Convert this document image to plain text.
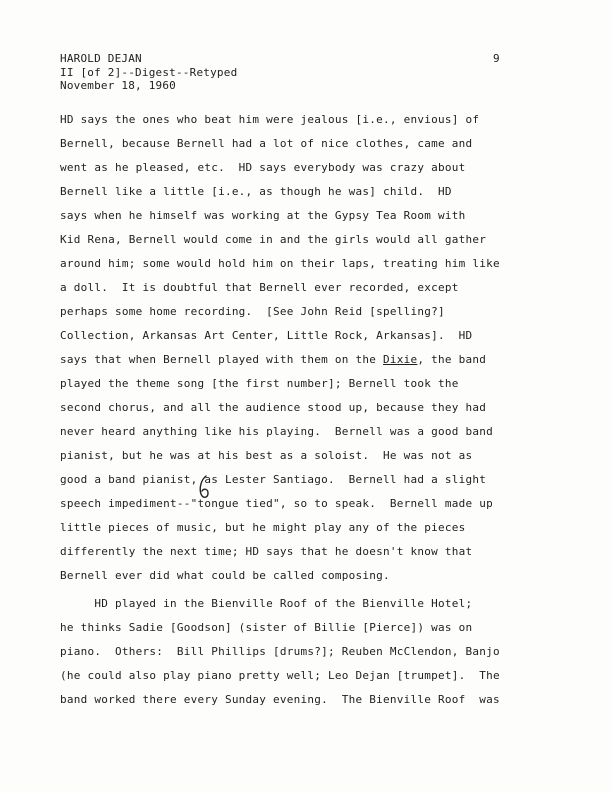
HAROLD DEJAN
II [of 2]--Digest--Retyped
November 18, 1960
9
HD says the ones who beat him were jealous [i.e., envious] of
Bernell, because Bernell had a lot of nice clothes, came and
went as he pleased, etc.  HD says everybody was crazy about
Bernell like a little [i.e., as though he was] child.  HD
says when he himself was working at the Gypsy Tea Room with
Kid Rena, Bernell would come in and the girls would all gather
around him; some would hold him on their laps, treating him like
a doll.  It is doubtful that Bernell ever recorded, except
perhaps some home recording.  [See John Reid [spelling?]
Collection, Arkansas Art Center, Little Rock, Arkansas].  HD
says that when Bernell played with them on the Dixie, the band
played the theme song [the first number]; Bernell took the
second chorus, and all the audience stood up, because they had
never heard anything like his playing.  Bernell was a good band
pianist, but he was at his best as a soloist.  He was not as
good a band pianist, as Lester Santiago.  Bernell had a slight
speech impediment--"tongue tied", so to speak.  Bernell made up
little pieces of music, but he might play any of the pieces
differently the next time; HD says that he doesn't know that
Bernell ever did what could be called composing.
HD played in the Bienville Roof of the Bienville Hotel;
he thinks Sadie [Goodson] (sister of Billie [Pierce]) was on
piano.  Others:  Bill Phillips [drums?]; Reuben McClendon, Banjo
(he could also play piano pretty well; Leo Dejan [trumpet].  The
band worked there every Sunday evening.  The Bienville Roof  was
